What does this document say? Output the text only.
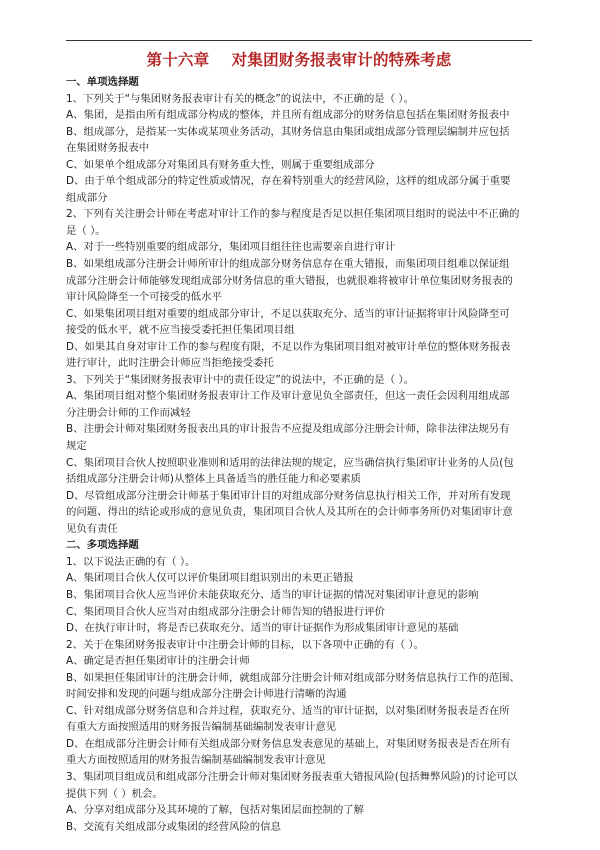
第十六章    对集团财务报表审计的特殊考虑
一、单项选择题
1、下列关于“与集团财务报表审计有关的概念”的说法中，不正确的是（ ）。
A、集团，是指由所有组成部分构成的整体，并且所有组成部分的财务信息包括在集团财务报表中
B、组成部分，是指某一实体或某项业务活动，其财务信息由集团或组成部分管理层编制并应包括
在集团财务报表中
C、如果单个组成部分对集团具有财务重大性，则属于重要组成部分
D、由于单个组成部分的特定性质或情况，存在着特别重大的经营风险，这样的组成部分属于重要
组成部分
2、下列有关注册会计师在考虑对审计工作的参与程度是否足以担任集团项目组时的说法中不正确的
是（ ）。
A、对于一些特别重要的组成部分，集团项目组往往也需要亲自进行审计
B、如果组成部分注册会计师所审计的组成部分财务信息存在重大错报，而集团项目组难以保证组
成部分注册会计师能够发现组成部分财务信息的重大错报，也就很难将被审计单位集团财务报表的
审计风险降至一个可接受的低水平
C、如果集团项目组对重要的组成部分审计，不足以获取充分、适当的审计证据将审计风险降至可
接受的低水平，就不应当接受委托担任集团项目组
D、如果其自身对审计工作的参与程度有限，不足以作为集团项目组对被审计单位的整体财务报表
进行审计，此时注册会计师应当拒绝接受委托
3、下列关于“集团财务报表审计中的责任设定”的说法中，不正确的是（ ）。
A、集团项目组对整个集团财务报表审计工作及审计意见负全部责任，但这一责任会因利用组成部
分注册会计师的工作而减轻
B、注册会计师对集团财务报表出具的审计报告不应提及组成部分注册会计师，除非法律法规另有
规定
C、集团项目合伙人按照职业准则和适用的法律法规的规定，应当确信执行集团审计业务的人员(包
括组成部分注册会计师)从整体上具备适当的胜任能力和必要素质
D、尽管组成部分注册会计师基于集团审计目的对组成部分财务信息执行相关工作，并对所有发现
的问题、得出的结论或形成的意见负责，集团项目合伙人及其所在的会计师事务所仍对集团审计意
见负有责任
二、多项选择题
1、以下说法正确的有（ ）。
A、集团项目合伙人仅可以评价集团项目组识别出的未更正错报
B、集团项目合伙人应当评价未能获取充分、适当的审计证据的情况对集团审计意见的影响
C、集团项目合伙人应当对由组成部分注册会计师告知的错报进行评价
D、在执行审计时，将是否已获取充分、适当的审计证据作为形成集团审计意见的基础
2、关于在集团财务报表审计中注册会计师的目标，以下各项中正确的有（ ）。
A、确定是否担任集团审计的注册会计师
B、如果担任集团审计的注册会计师，就组成部分注册会计师对组成部分财务信息执行工作的范围、
时间安排和发现的问题与组成部分注册会计师进行清晰的沟通
C、针对组成部分财务信息和合并过程，获取充分、适当的审计证据，以对集团财务报表是否在所
有重大方面按照适用的财务报告编制基础编制发表审计意见
D、在组成部分注册会计师有关组成部分财务信息发表意见的基础上，对集团财务报表是否在所有
重大方面按照适用的财务报告编制基础编制发表审计意见
3、集团项目组成员和组成部分注册会计师对集团财务报表重大错报风险(包括舞弊风险)的讨论可以
提供下列（ ）机会。
A、分享对组成部分及其环境的了解，包括对集团层面控制的了解
B、交流有关组成部分或集团的经营风险的信息
